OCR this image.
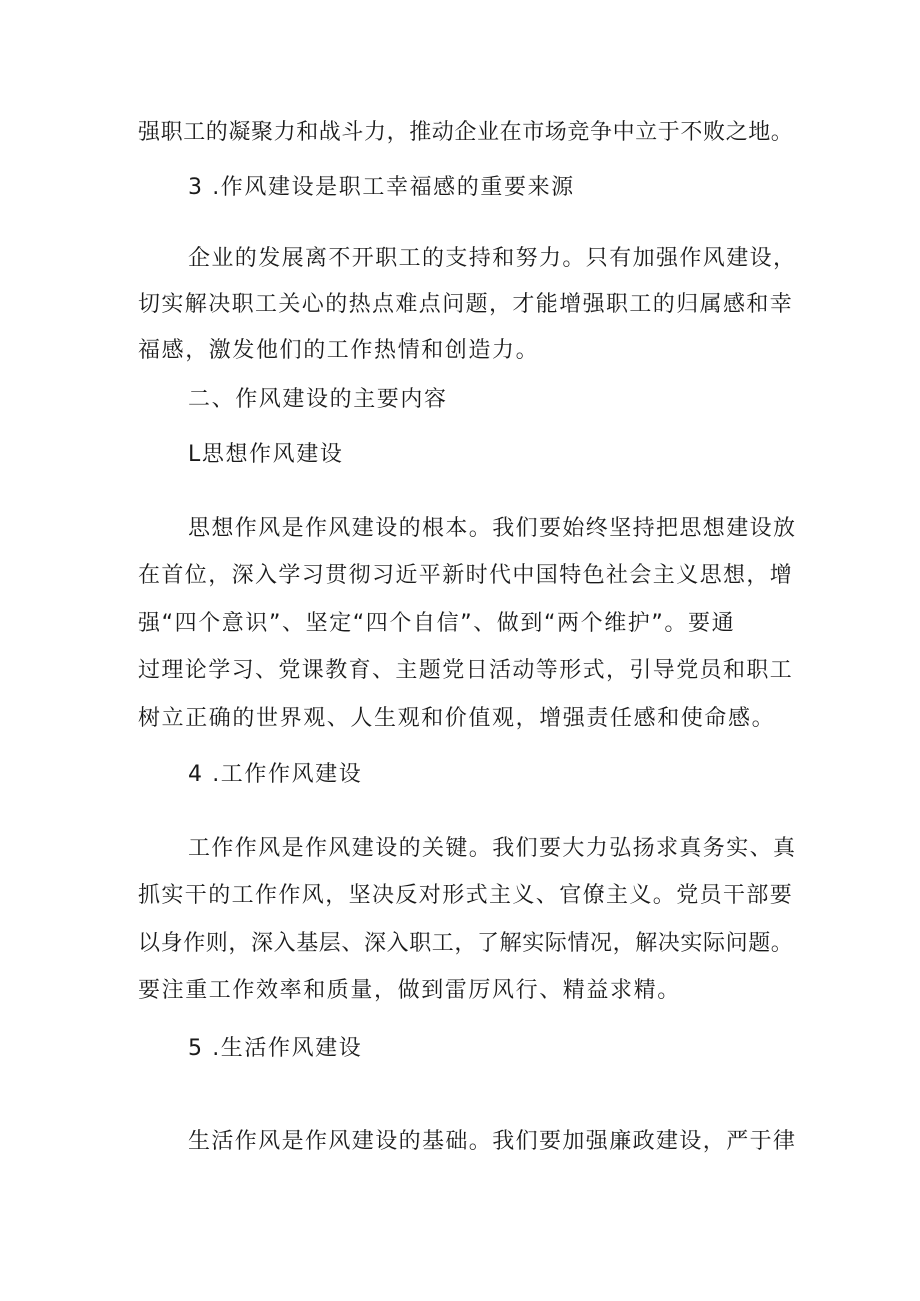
强职工的凝聚力和战斗力，推动企业在市场竞争中立于不败之地。
3 .作风建设是职工幸福感的重要来源
企业的发展离不开职工的支持和努力。只有加强作风建设，
切实解决职工关心的热点难点问题，才能增强职工的归属感和幸
福感，激发他们的工作热情和创造力。
二、作风建设的主要内容
L思想作风建设
思想作风是作风建设的根本。我们要始终坚持把思想建设放
在首位，深入学习贯彻习近平新时代中国特色社会主义思想，增
强“四个意识”、坚定“四个自信”、做到“两个维护”。要通
过理论学习、党课教育、主题党日活动等形式，引导党员和职工
树立正确的世界观、人生观和价值观，增强责任感和使命感。
4 .工作作风建设
工作作风是作风建设的关键。我们要大力弘扬求真务实、真
抓实干的工作作风，坚决反对形式主义、官僚主义。党员干部要
以身作则，深入基层、深入职工，了解实际情况，解决实际问题。
要注重工作效率和质量，做到雷厉风行、精益求精。
5 .生活作风建设
生活作风是作风建设的基础。我们要加强廉政建设，严于律
